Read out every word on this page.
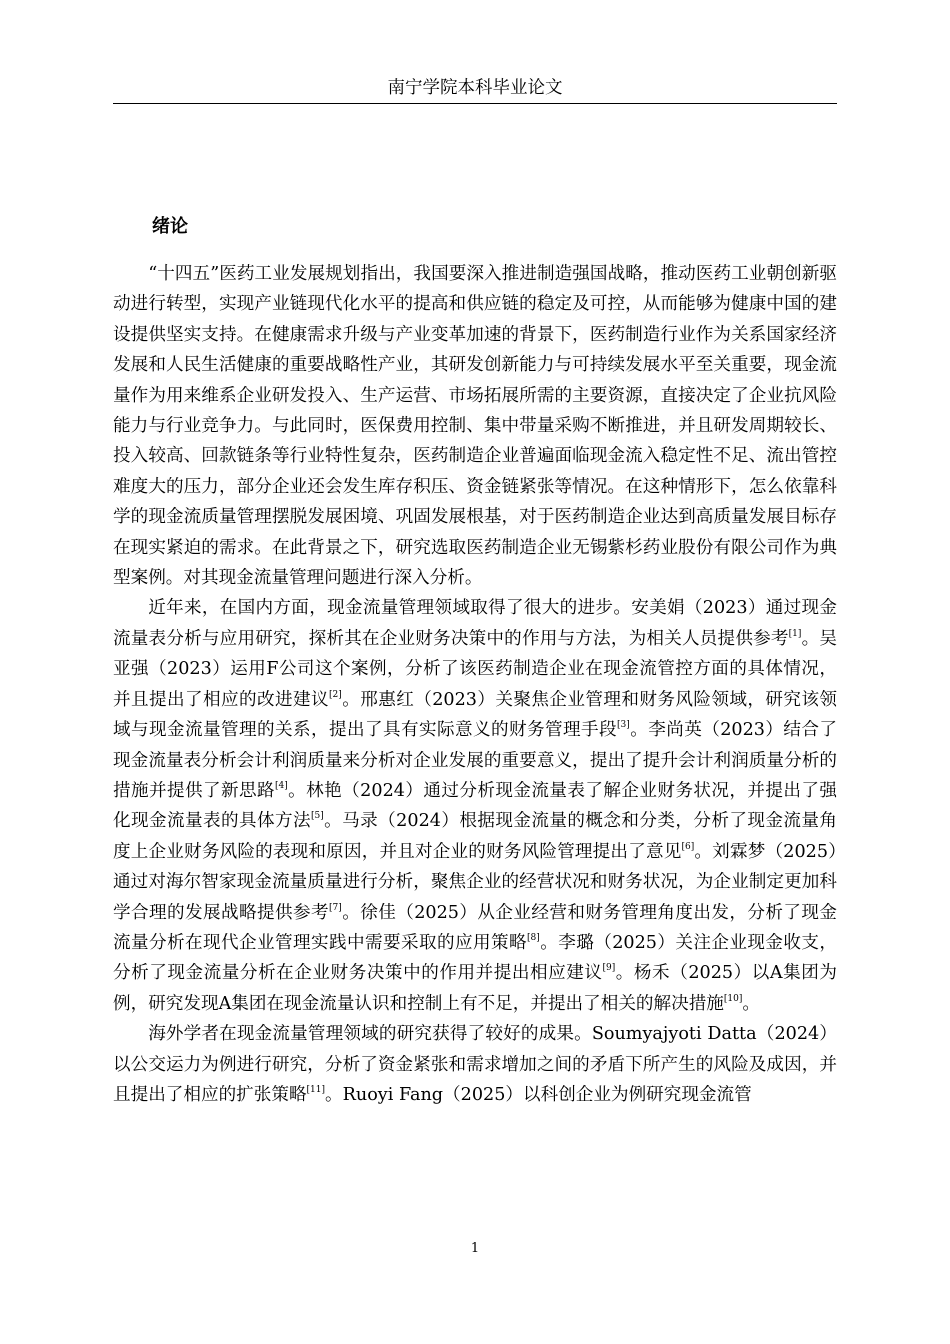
南宁学院本科毕业论文
绪论

“十四五”医药工业发展规划指出，我国要深入推进制造强国战略，推动医药工业朝创新驱动进行转型，实现产业链现代化水平的提高和供应链的稳定及可控，从而能够为健康中国的建设提供坚实支持。在健康需求升级与产业变革加速的背景下，医药制造行业作为关系国家经济发展和人民生活健康的重要战略性产业，其研发创新能力与可持续发展水平至关重要，现金流量作为用来维系企业研发投入、生产运营、市场拓展所需的主要资源，直接决定了企业抗风险能力与行业竞争力。与此同时，医保费用控制、集中带量采购不断推进，并且研发周期较长、投入较高、回款链条等行业特性复杂，医药制造企业普遍面临现金流入稳定性不足、流出管控难度大的压力，部分企业还会发生库存积压、资金链紧张等情况。在这种情形下，怎么依靠科学的现金流质量管理摆脱发展困境、巩固发展根基，对于医药制造企业达到高质量发展目标存在现实紧迫的需求。在此背景之下，研究选取医药制造企业无锡紫杉药业股份有限公司作为典型案例。对其现金流量管理问题进行深入分析。

近年来，在国内方面，现金流量管理领域取得了很大的进步。安美娟（2023）通过现金流量表分析与应用研究，探析其在企业财务决策中的作用与方法，为相关人员提供参考[1]。吴亚强（2023）运用F公司这个案例，分析了该医药制造企业在现金流管控方面的具体情况，并且提出了相应的改进建议[2]。邢惠红（2023）关聚焦企业管理和财务风险领域，研究该领域与现金流量管理的关系，提出了具有实际意义的财务管理手段[3]。李尚英（2023）结合了现金流量表分析会计利润质量来分析对企业发展的重要意义，提出了提升会计利润质量分析的措施并提供了新思路[4]。林艳（2024）通过分析现金流量表了解企业财务状况，并提出了强化现金流量表的具体方法[5]。马录（2024）根据现金流量的概念和分类，分析了现金流量角度上企业财务风险的表现和原因，并且对企业的财务风险管理提出了意见[6]。刘霖梦（2025）通过对海尔智家现金流量质量进行分析，聚焦企业的经营状况和财务状况，为企业制定更加科学合理的发展战略提供参考[7]。徐佳（2025）从企业经营和财务管理角度出发，分析了现金流量分析在现代企业管理实践中需要采取的应用策略[8]。李璐（2025）关注企业现金收支，分析了现金流量分析在企业财务决策中的作用并提出相应建议[9]。杨禾（2025）以A集团为例，研究发现A集团在现金流量认识和控制上有不足，并提出了相关的解决措施[10]。

海外学者在现金流量管理领域的研究获得了较好的成果。Soumyajyoti Datta（2024）以公交运力为例进行研究，分析了资金紧张和需求增加之间的矛盾下所产生的风险及成因，并且提出了相应的扩张策略[11]。Ruoyi Fang（2025）以科创企业为例研究现金流管

1
